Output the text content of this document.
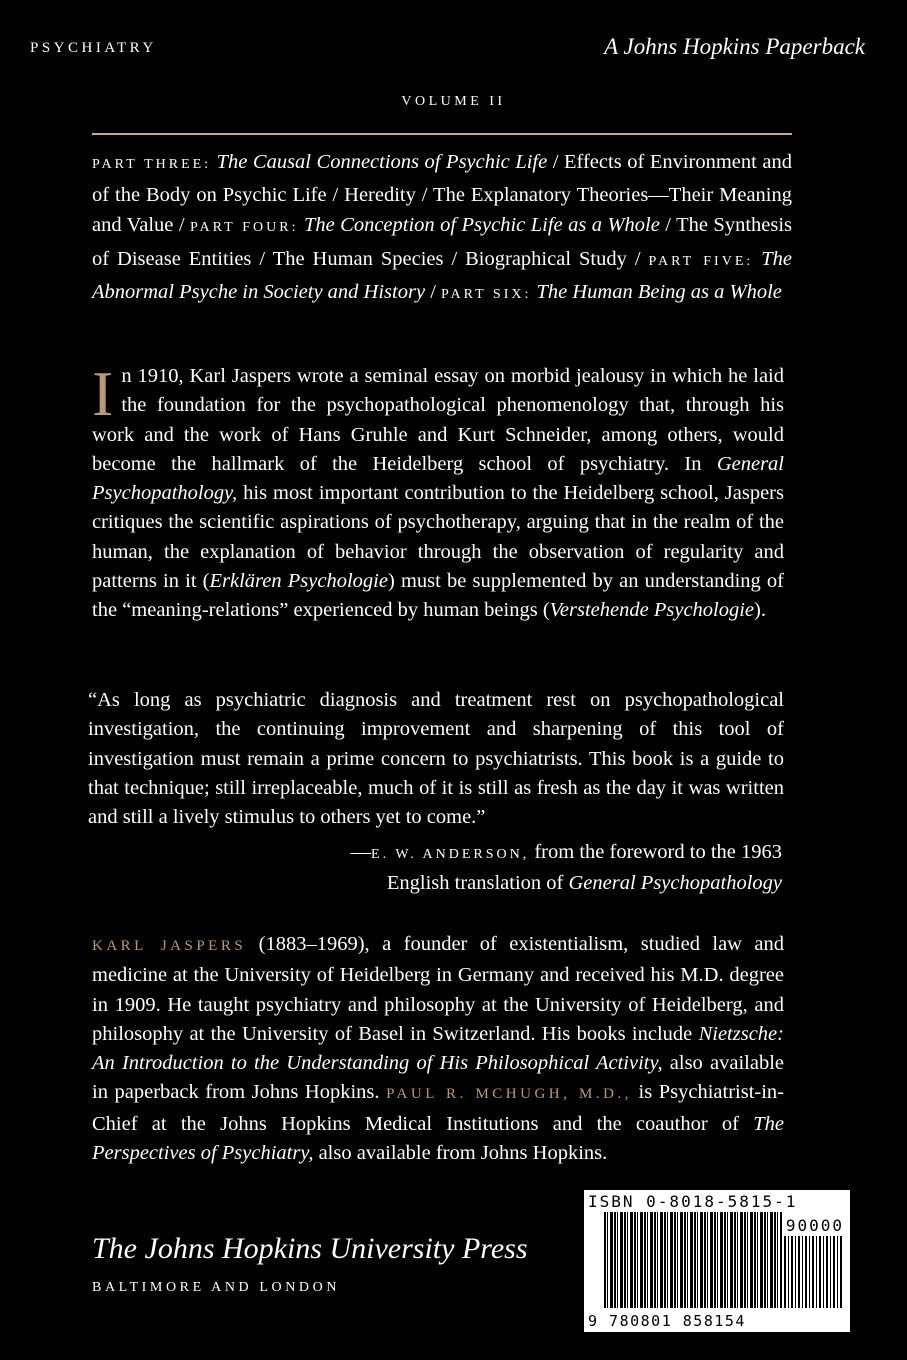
PSYCHIATRY	A Johns Hopkins Paperback
VOLUME II
PART THREE: The Causal Connections of Psychic Life / Effects of Environment and of the Body on Psychic Life / Heredity / The Explanatory Theories—Their Meaning and Value / PART FOUR: The Conception of Psychic Life as a Whole / The Synthesis of Disease Entities / The Human Species / Biographical Study / PART FIVE: The Abnormal Psyche in Society and History / PART SIX: The Human Being as a Whole
In 1910, Karl Jaspers wrote a seminal essay on morbid jealousy in which he laid the foundation for the psychopathological phenomenology that, through his work and the work of Hans Gruhle and Kurt Schneider, among others, would become the hallmark of the Heidelberg school of psychiatry. In General Psychopathology, his most important contribution to the Heidelberg school, Jaspers critiques the scientific aspirations of psychotherapy, arguing that in the realm of the human, the explanation of behavior through the observation of regularity and patterns in it (Erklären Psychologie) must be supplemented by an understanding of the “meaning-relations” experienced by human beings (Verstehende Psychologie).
“As long as psychiatric diagnosis and treatment rest on psychopathological investigation, the continuing improvement and sharpening of this tool of investigation must remain a prime concern to psychiatrists. This book is a guide to that technique; still irreplaceable, much of it is still as fresh as the day it was written and still a lively stimulus to others yet to come.”
—E. W. ANDERSON, from the foreword to the 1963
English translation of General Psychopathology
KARL JASPERS (1883–1969), a founder of existentialism, studied law and medicine at the University of Heidelberg in Germany and received his M.D. degree in 1909. He taught psychiatry and philosophy at the University of Heidelberg, and philosophy at the University of Basel in Switzerland. His books include Nietzsche: An Introduction to the Understanding of His Philosophical Activity, also available in paperback from Johns Hopkins. PAUL R. MCHUGH, M.D., is Psychiatrist-in-Chief at the Johns Hopkins Medical Institutions and the coauthor of The Perspectives of Psychiatry, also available from Johns Hopkins.
The Johns Hopkins University Press
BALTIMORE AND LONDON
ISBN 0-8018-5815-1
90000
9 780801 858154
